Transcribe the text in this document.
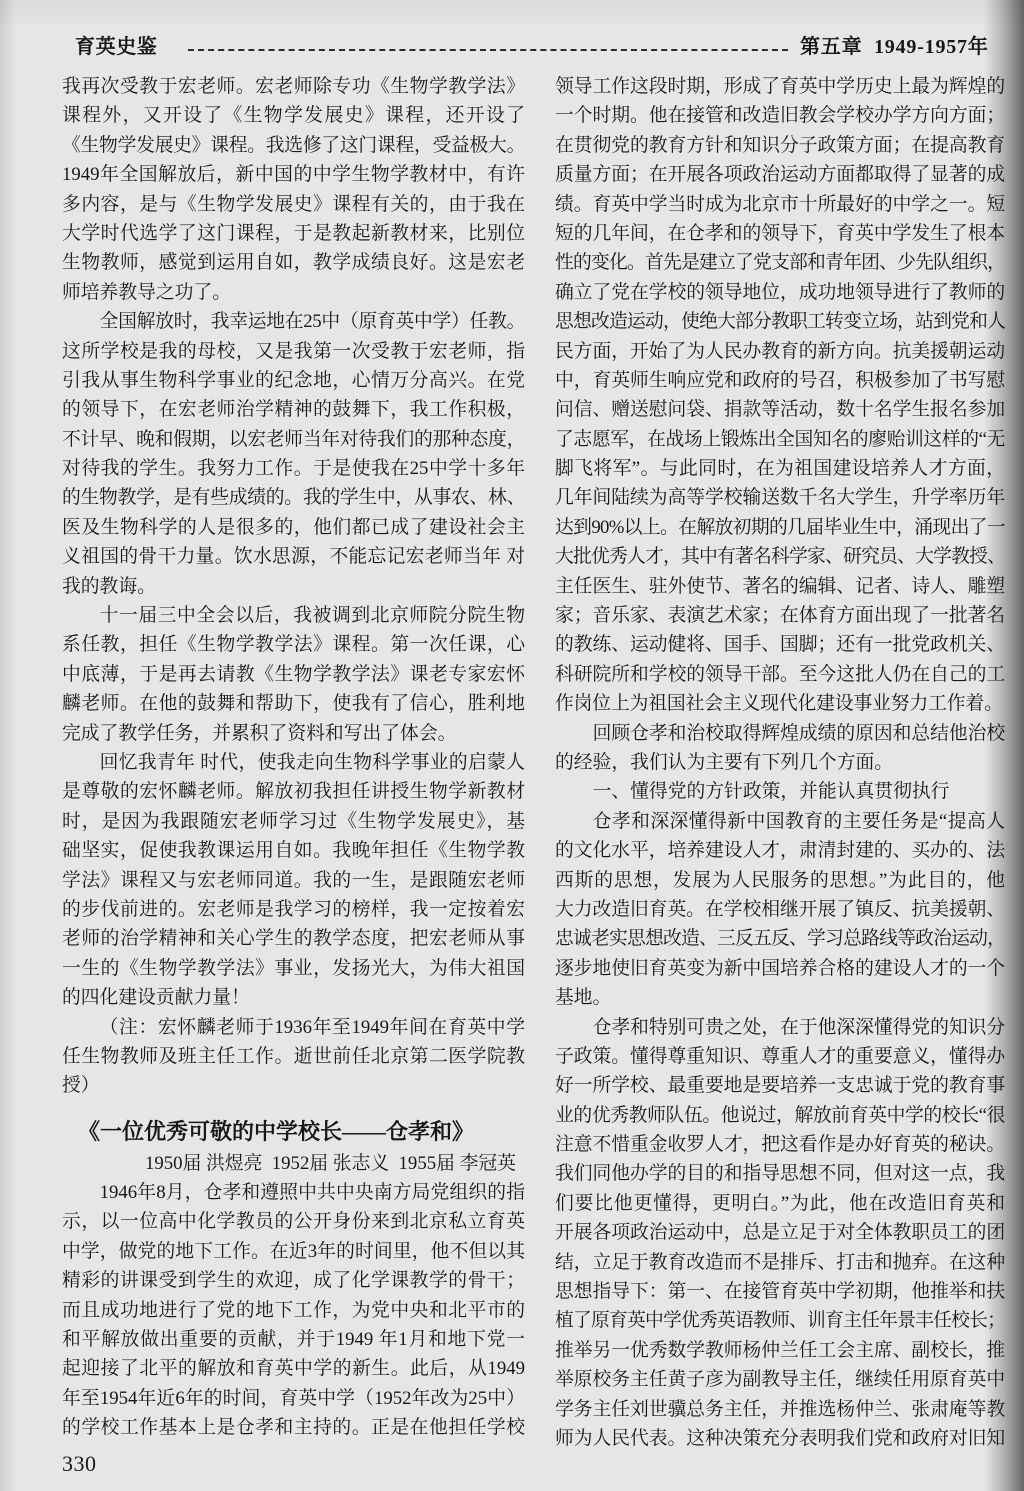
育英史鉴	第五章  1949-1957年
我再次受教于宏老师。宏老师除专功《生物学教学法》
课程外，又开设了《生物学发展史》课程，还开设了
《生物学发展史》课程。我选修了这门课程，受益极大。
1949年全国解放后，新中国的中学生物学教材中，有许
多内容，是与《生物学发展史》课程有关的，由于我在
大学时代选学了这门课程，于是教起新教材来，比别位
生物教师，感觉到运用自如，教学成绩良好。这是宏老
师培养教导之功了。
全国解放时，我幸运地在25中（原育英中学）任教。
这所学校是我的母校，又是我第一次受教于宏老师，指
引我从事生物科学事业的纪念地，心情万分高兴。在党
的领导下，在宏老师治学精神的鼓舞下，我工作积极，
不计早、晚和假期，以宏老师当年对待我们的那种态度，
对待我的学生。我努力工作。于是使我在25中学十多年
的生物教学，是有些成绩的。我的学生中，从事农、林、
医及生物科学的人是很多的，他们都已成了建设社会主
义祖国的骨干力量。饮水思源，不能忘记宏老师当年 对
我的教诲。
十一届三中全会以后，我被调到北京师院分院生物
系任教，担任《生物学教学法》课程。第一次任课，心
中底薄，于是再去请教《生物学教学法》课老专家宏怀
麟老师。在他的鼓舞和帮助下，使我有了信心，胜利地
完成了教学任务，并累积了资料和写出了体会。
回忆我青年 时代，使我走向生物科学事业的启蒙人
是尊敬的宏怀麟老师。解放初我担任讲授生物学新教材
时，是因为我跟随宏老师学习过《生物学发展史》，基
础坚实，促使我教课运用自如。我晚年担任《生物学教
学法》课程又与宏老师同道。我的一生，是跟随宏老师
的步伐前进的。宏老师是我学习的榜样，我一定按着宏
老师的治学精神和关心学生的教学态度，把宏老师从事
一生的《生物学教学法》事业，发扬光大，为伟大祖国
的四化建设贡献力量！
（注：宏怀麟老师于1936年至1949年间在育英中学
任生物教师及班主任工作。逝世前任北京第二医学院教
授）
《一位优秀可敬的中学校长——仓孝和》
1950届 洪煜亮  1952届 张志义  1955届 李冠英
1946年8月，仓孝和遵照中共中央南方局党组织的指
示，以一位高中化学教员的公开身份来到北京私立育英
中学，做党的地下工作。在近3年的时间里，他不但以其
精彩的讲课受到学生的欢迎，成了化学课教学的骨干；
而且成功地进行了党的地下工作，为党中央和北平市的
和平解放做出重要的贡献，并于1949 年1月和地下党一
起迎接了北平的解放和育英中学的新生。此后，从1949
年至1954年近6年的时间，育英中学（1952年改为25中）
的学校工作基本上是仓孝和主持的。正是在他担任学校
领导工作这段时期，形成了育英中学历史上最为辉煌的
一个时期。他在接管和改造旧教会学校办学方向方面；
在贯彻党的教育方针和知识分子政策方面；在提高教育
质量方面；在开展各项政治运动方面都取得了显著的成
绩。育英中学当时成为北京市十所最好的中学之一。短
短的几年间，在仓孝和的领导下，育英中学发生了根本
性的变化。首先是建立了党支部和青年团、少先队组织，
确立了党在学校的领导地位，成功地领导进行了教师的
思想改造运动，使绝大部分教职工转变立场，站到党和人
民方面，开始了为人民办教育的新方向。抗美援朝运动
中，育英师生响应党和政府的号召，积极参加了书写慰
问信、赠送慰问袋、捐款等活动，数十名学生报名参加
了志愿军，在战场上锻炼出全国知名的廖贻训这样的“无
脚飞将军”。与此同时，在为祖国建设培养人才方面，
几年间陆续为高等学校输送数千名大学生，升学率历年
达到90%以上。在解放初期的几届毕业生中，涌现出了一
大批优秀人才，其中有著名科学家、研究员、大学教授、
主任医生、驻外使节、著名的编辑、记者、诗人、雕塑
家；音乐家、表演艺术家；在体育方面出现了一批著名
的教练、运动健将、国手、国脚；还有一批党政机关、
科研院所和学校的领导干部。至今这批人仍在自己的工
作岗位上为祖国社会主义现代化建设事业努力工作着。
回顾仓孝和治校取得辉煌成绩的原因和总结他治校
的经验，我们认为主要有下列几个方面。
一、懂得党的方针政策，并能认真贯彻执行
仓孝和深深懂得新中国教育的主要任务是“提高人
的文化水平，培养建设人才，肃清封建的、买办的、法
西斯的思想，发展为人民服务的思想。”为此目的，他
大力改造旧育英。在学校相继开展了镇反、抗美援朝、
忠诚老实思想改造、三反五反、学习总路线等政治运动，
逐步地使旧育英变为新中国培养合格的建设人才的一个
基地。
仓孝和特别可贵之处，在于他深深懂得党的知识分
子政策。懂得尊重知识、尊重人才的重要意义，懂得办
好一所学校、最重要地是要培养一支忠诚于党的教育事
业的优秀教师队伍。他说过，解放前育英中学的校长“很
注意不惜重金收罗人才，把这看作是办好育英的秘诀。
我们同他办学的目的和指导思想不同，但对这一点，我
们要比他更懂得，更明白。”为此，他在改造旧育英和
开展各项政治运动中，总是立足于对全体教职员工的团
结，立足于教育改造而不是排斥、打击和抛弃。在这种
思想指导下：第一、在接管育英中学初期，他推举和扶
植了原育英中学优秀英语教师、训育主任年景丰任校长；
推举另一优秀数学教师杨仲兰任工会主席、副校长，推
举原校务主任黄子彦为副教导主任，继续任用原育英中
学务主任刘世骥总务主任，并推选杨仲兰、张肃庵等教
师为人民代表。这种决策充分表明我们党和政府对旧知
330
